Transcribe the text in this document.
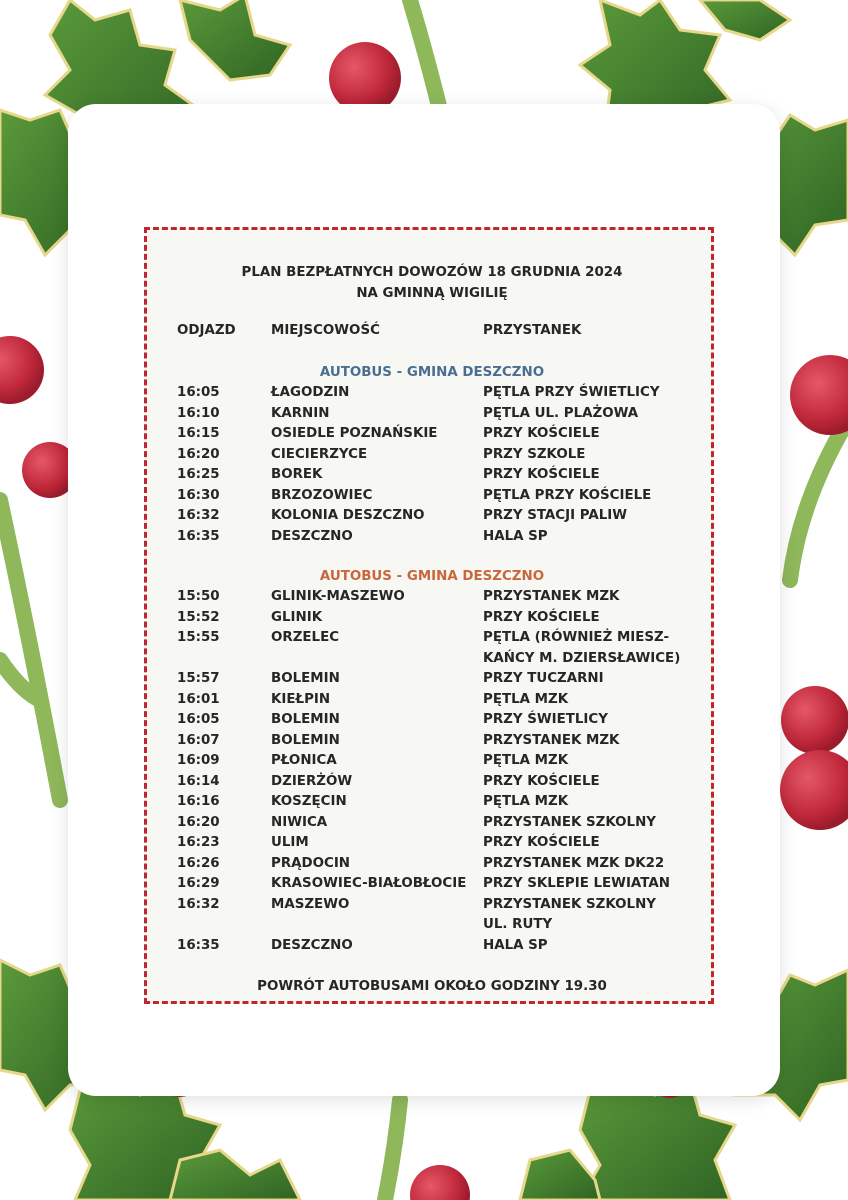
PLAN BEZPŁATNYCH DOWOZÓW 18 GRUDNIA 2024
NA GMINNĄ WIGILIĘ
ODJAZD	MIEJSCOWOŚĆ	PRZYSTANEK
AUTOBUS - GMINA DESZCZNO
16:05	ŁAGODZIN	PĘTLA PRZY ŚWIETLICY
16:10	KARNIN	PĘTLA UL. PLAŻOWA
16:15	OSIEDLE POZNAŃSKIE	PRZY KOŚCIELE
16:20	CIECIERZYCE	PRZY SZKOLE
16:25	BOREK	PRZY KOŚCIELE
16:30	BRZOZOWIEC	PĘTLA PRZY KOŚCIELE
16:32	KOLONIA DESZCZNO	PRZY STACJI PALIW
16:35	DESZCZNO	HALA SP
AUTOBUS - GMINA DESZCZNO
15:50	GLINIK-MASZEWO	PRZYSTANEK MZK
15:52	GLINIK	PRZY KOŚCIELE
15:55	ORZELEC	PĘTLA (RÓWNIEŻ MIESZ-
KAŃCY M. DZIERSŁAWICE)
15:57	BOLEMIN	PRZY TUCZARNI
16:01	KIEŁPIN	PĘTLA MZK
16:05	BOLEMIN	PRZY ŚWIETLICY
16:07	BOLEMIN	PRZYSTANEK MZK
16:09	PŁONICA	PĘTLA MZK
16:14	DZIERŻÓW	PRZY KOŚCIELE
16:16	KOSZĘCIN	PĘTLA MZK
16:20	NIWICA	PRZYSTANEK SZKOLNY
16:23	ULIM	PRZY KOŚCIELE
16:26	PRĄDOCIN	PRZYSTANEK MZK DK22
16:29	KRASOWIEC-BIAŁOBŁOCIE PRZY SKLEPIE LEWIATAN
16:32	MASZEWO	PRZYSTANEK SZKOLNY
UL. RUTY
16:35	DESZCZNO	HALA SP
POWRÓT AUTOBUSAMI OKOŁO GODZINY 19.30
